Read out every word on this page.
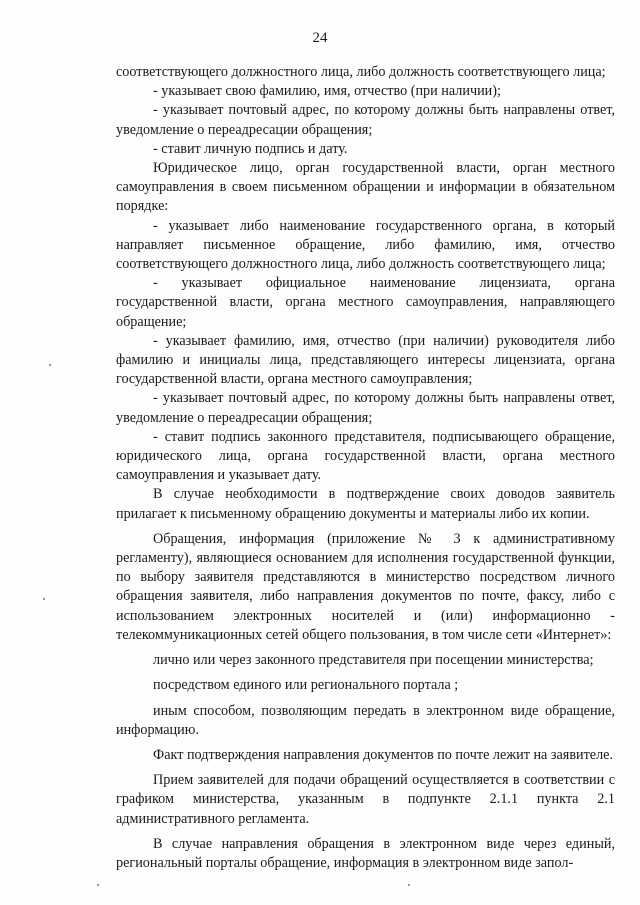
24

соответствующего должностного лица, либо должность соответствующего лица;

- указывает свою фамилию, имя, отчество (при наличии);

- указывает почтовый адрес, по которому должны быть направлены ответ, уведомление о переадресации обращения;

- ставит личную подпись и дату.

Юридическое лицо, орган государственной власти, орган местного самоуправления в своем письменном обращении и информации в обязательном порядке:

- указывает либо наименование государственного органа, в который направляет письменное обращение, либо фамилию, имя, отчество соответствующего должностного лица, либо должность соответствующего лица;

- указывает официальное наименование лицензиата, органа государственной власти, органа местного самоуправления, направляющего обращение;

- указывает фамилию, имя, отчество (при наличии) руководителя либо фамилию и инициалы лица, представляющего интересы лицензиата, органа государственной власти, органа местного самоуправления;

- указывает почтовый адрес, по которому должны быть направлены ответ, уведомление о переадресации обращения;

- ставит подпись законного представителя, подписывающего обращение, юридического лица, органа государственной власти, органа местного самоуправления и указывает дату.

В случае необходимости в подтверждение своих доводов заявитель прилагает к письменному обращению документы и материалы либо их копии.

Обращения, информация (приложение № 3 к административному регламенту), являющиеся основанием для исполнения государственной функции, по выбору заявителя представляются в министерство посредством личного обращения заявителя, либо направления документов по почте, факсу, либо с использованием электронных носителей и (или) информационно - телекоммуникационных сетей общего пользования, в том числе сети «Интернет»:

лично или через законного представителя при посещении министерства;

посредством единого или регионального портала ;

иным способом, позволяющим передать в электронном виде обращение, информацию.

Факт подтверждения направления документов по почте лежит на заявителе.

Прием заявителей для подачи обращений осуществляется в соответствии с графиком министерства, указанным в подпункте 2.1.1 пункта 2.1 административного регламента.

В случае направления обращения в электронном виде через единый, региональный порталы обращение, информация в электронном виде запол-
